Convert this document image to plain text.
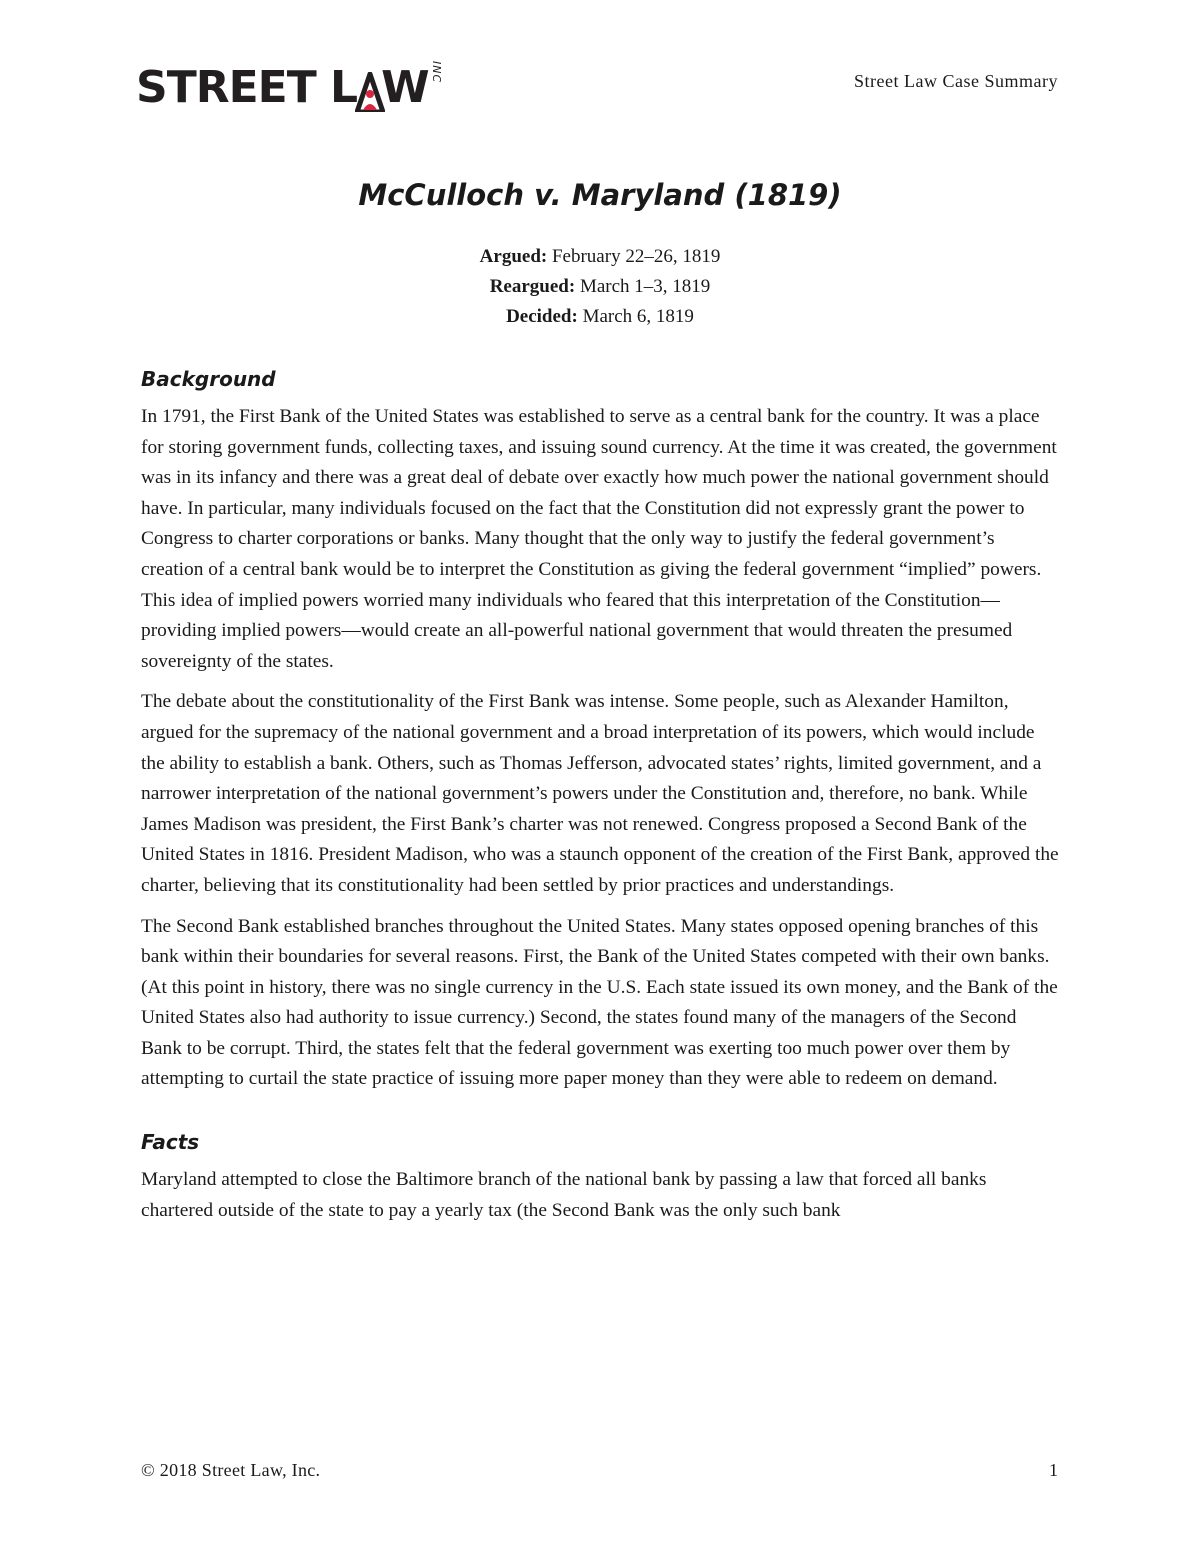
STREET L W INC	Street Law Case Summary
McCulloch v. Maryland (1819)
Argued: February 22–26, 1819
Reargued: March 1–3, 1819
Decided: March 6, 1819
Background

In 1791, the First Bank of the United States was established to serve as a central bank for the country. It was a place for storing government funds, collecting taxes, and issuing sound currency. At the time it was created, the government was in its infancy and there was a great deal of debate over exactly how much power the national government should have. In particular, many individuals focused on the fact that the Constitution did not expressly grant the power to Congress to charter corporations or banks. Many thought that the only way to justify the federal government’s creation of a central bank would be to interpret the Constitution as giving the federal government “implied” powers. This idea of implied powers worried many individuals who feared that this interpretation of the Constitution—providing implied powers—would create an all-powerful national government that would threaten the presumed sovereignty of the states.

The debate about the constitutionality of the First Bank was intense. Some people, such as Alexander Hamilton, argued for the supremacy of the national government and a broad interpretation of its powers, which would include the ability to establish a bank. Others, such as Thomas Jefferson, advocated states’ rights, limited government, and a narrower interpretation of the national government’s powers under the Constitution and, therefore, no bank. While James Madison was president, the First Bank’s charter was not renewed. Congress proposed a Second Bank of the United States in 1816. President Madison, who was a staunch opponent of the creation of the First Bank, approved the charter, believing that its constitutionality had been settled by prior practices and understandings.

The Second Bank established branches throughout the United States. Many states opposed opening branches of this bank within their boundaries for several reasons. First, the Bank of the United States competed with their own banks. (At this point in history, there was no single currency in the U.S. Each state issued its own money, and the Bank of the United States also had authority to issue currency.) Second, the states found many of the managers of the Second Bank to be corrupt. Third, the states felt that the federal government was exerting too much power over them by attempting to curtail the state practice of issuing more paper money than they were able to redeem on demand.

Facts

Maryland attempted to close the Baltimore branch of the national bank by passing a law that forced all banks chartered outside of the state to pay a yearly tax (the Second Bank was the only such bank

© 2018 Street Law, Inc.	1
